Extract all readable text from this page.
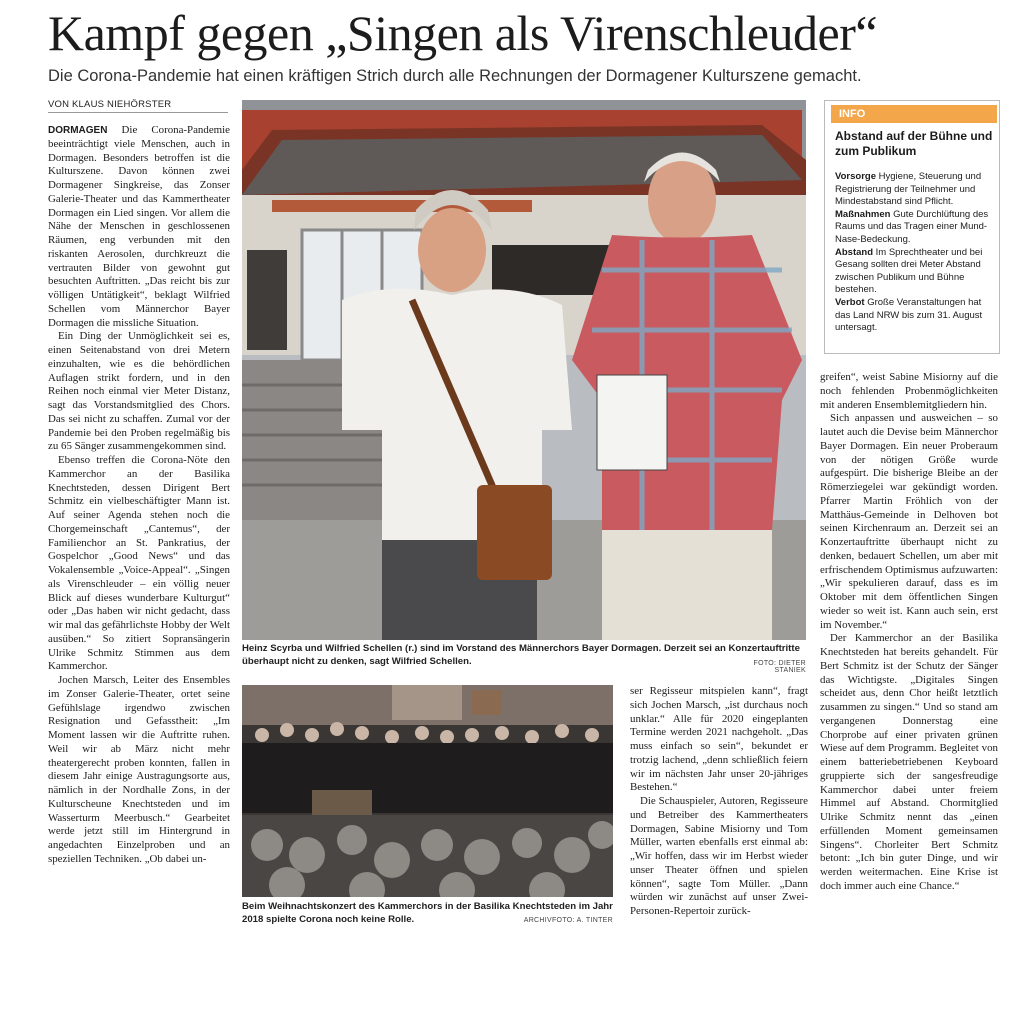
Kampf gegen „Singen als Virenschleuder“
Die Corona-Pandemie hat einen kräftigen Strich durch alle Rechnungen der Dormagener Kulturszene gemacht.
VON KLAUS NIEHÖRSTER

DORMAGEN Die Corona-Pandemie beeinträchtigt viele Menschen, auch in Dormagen. Besonders betroffen ist die Kulturszene. Davon können zwei Dormagener Singkreise, das Zonser Galerie-Theater und das Kammertheater Dormagen ein Lied singen. Vor allem die Nähe der Menschen in geschlossenen Räumen, eng verbunden mit den riskanten Aerosolen, durchkreuzt die vertrauten Bilder von gewohnt gut besuchten Auftritten. „Das reicht bis zur völligen Untätigkeit“, beklagt Wilfried Schellen vom Männerchor Bayer Dormagen die missliche Situation.

Ein Ding der Unmöglichkeit sei es, einen Seitenabstand von drei Metern einzuhalten, wie es die behördlichen Auflagen strikt fordern, und in den Reihen noch einmal vier Meter Distanz, sagt das Vorstandsmitglied des Chors. Das sei nicht zu schaffen. Zumal vor der Pandemie bei den Proben regelmäßig bis zu 65 Sänger zusammengekommen sind.

Ebenso treffen die Corona-Nöte den Kammerchor an der Basilika Knechtsteden, dessen Dirigent Bert Schmitz ein vielbeschäftigter Mann ist. Auf seiner Agenda stehen noch die Chorgemeinschaft „Cantemus“, der Familienchor an St. Pankratius, der Gospelchor „Good News“ und das Vokalensemble „Voice-Appeal“. „Singen als Virenschleuder – ein völlig neuer Blick auf dieses wunderbare Kulturgut“ oder „Das haben wir nicht gedacht, dass wir mal das gefährlichste Hobby der Welt ausüben.“ So zitiert Sopransängerin Ulrike Schmitz Stimmen aus dem Kammerchor.

Jochen Marsch, Leiter des Ensembles im Zonser Galerie-Theater, ortet seine Gefühlslage irgendwo zwischen Resignation und Gefasstheit: „Im Moment lassen wir die Auftritte ruhen. Weil wir ab März nicht mehr theatergerecht proben konnten, fallen in diesem Jahr einige Austragungsorte aus, nämlich in der Nordhalle Zons, in der Kulturscheune Knechtsteden und im Wasserturm Meerbusch.“ Gearbeitet werde jetzt still im Hintergrund in angedachten Einzelproben und an speziellen Techniken. „Ob dabei un-

Heinz Scyrba und Wilfried Schellen (r.) sind im Vorstand des Männerchors Bayer Dormagen. Derzeit sei an Konzertauftritte überhaupt nicht zu denken, sagt Wilfried Schellen.	FOTO: DIETER STANIEK
INFO
Abstand auf der Bühne und zum Publikum
Vorsorge Hygiene, Steuerung und Registrierung der Teilnehmer und Mindestabstand sind Pflicht.
Maßnahmen Gute Durchlüftung des Raums und das Tragen einer Mund-Nase-Bedeckung.
Abstand Im Sprechtheater und bei Gesang sollten drei Meter Abstand zwischen Publikum und Bühne bestehen.
Verbot Große Veranstaltungen hat das Land NRW bis zum 31. August untersagt.

greifen“, weist Sabine Misiorny auf die noch fehlenden Probenmöglichkeiten mit anderen Ensemblemitgliedern hin.

Sich anpassen und ausweichen – so lautet auch die Devise beim Männerchor Bayer Dormagen. Ein neuer Proberaum von der nötigen Größe wurde aufgespürt. Die bisherige Bleibe an der Römerziegelei war gekündigt worden. Pfarrer Martin Fröhlich von der Matthäus-Gemeinde in Delhoven bot seinen Kirchenraum an. Derzeit sei an Konzertauftritte überhaupt nicht zu denken, bedauert Schellen, um aber mit erfrischendem Optimismus aufzuwarten: „Wir spekulieren darauf, dass es im Oktober mit dem öffentlichen Singen wieder so weit ist. Kann auch sein, erst im November.“

Der Kammerchor an der Basilika Knechtsteden hat bereits gehandelt. Für Bert Schmitz ist der Schutz der Sänger das Wichtigste. „Digitales Singen scheidet aus, denn Chor heißt letztlich zusammen zu singen.“ Und so stand am vergangenen Donnerstag eine Chorprobe auf einer privaten grünen Wiese auf dem Programm. Begleitet von einem batteriebetriebenen Keyboard gruppierte sich der sangesfreudige Kammerchor dabei unter freiem Himmel auf Abstand. Chormitglied Ulrike Schmitz nennt das „einen erfüllenden Moment gemeinsamen Singens“. Chorleiter Bert Schmitz betont: „Ich bin guter Dinge, und wir werden weitermachen. Eine Krise ist doch immer auch eine Chance.“

Beim Weihnachtskonzert des Kammerchors in der Basilika Knechtsteden im Jahr 2018 spielte Corona noch keine Rolle.	ARCHIVFOTO: A. TINTER

ser Regisseur mitspielen kann“, fragt sich Jochen Marsch, „ist durchaus noch unklar.“ Alle für 2020 eingeplanten Termine werden 2021 nachgeholt. „Das muss einfach so sein“, bekundet er trotzig lachend, „denn schließlich feiern wir im nächsten Jahr unser 20-jähriges Bestehen.“

Die Schauspieler, Autoren, Regisseure und Betreiber des Kammertheaters Dormagen, Sabine Misiorny und Tom Müller, warten ebenfalls erst einmal ab: „Wir hoffen, dass wir im Herbst wieder unser Theater öffnen und spielen können“, sagte Tom Müller. „Dann würden wir zunächst auf unser Zwei-Personen-Repertoir zurück-
